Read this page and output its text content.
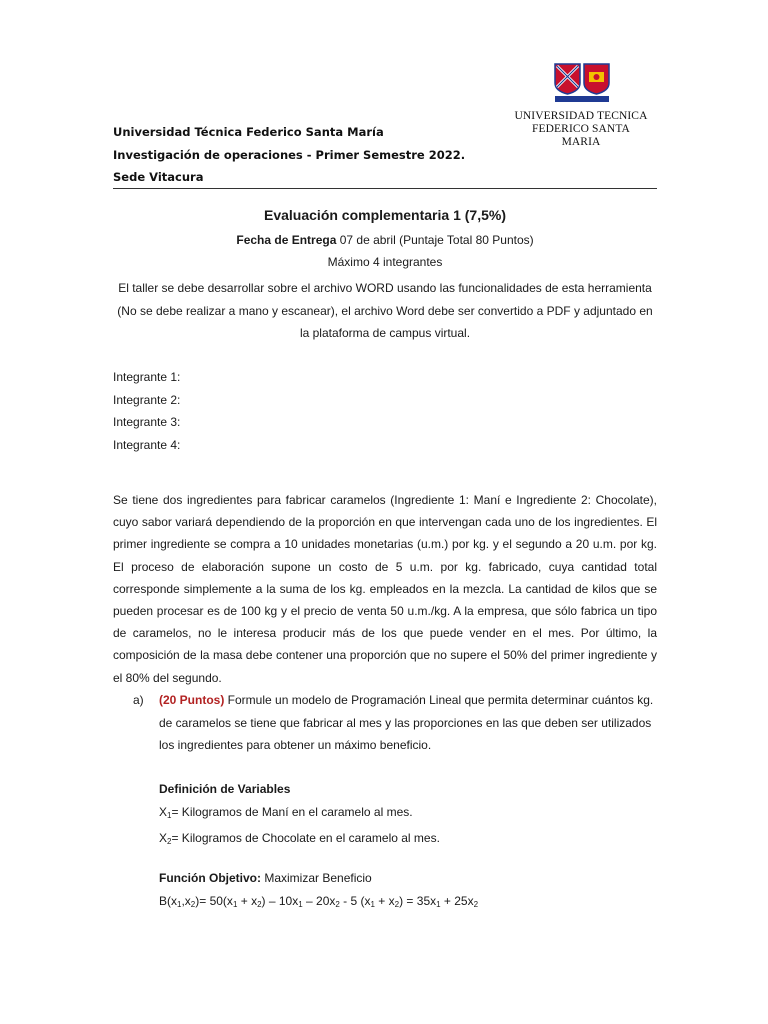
UNIVERSIDAD TECNICA
FEDERICO SANTA MARIA
Universidad Técnica Federico Santa María
Investigación de operaciones - Primer Semestre 2022.
Sede Vitacura
Evaluación complementaria 1 (7,5%)
Fecha de Entrega 07 de abril (Puntaje Total 80 Puntos)
Máximo 4 integrantes
El taller se debe desarrollar sobre el archivo WORD usando las funcionalidades de esta herramienta (No se debe realizar a mano y escanear), el archivo Word debe ser convertido a PDF y adjuntado en la plataforma de campus virtual.
Integrante 1:
Integrante 2:
Integrante 3:
Integrante 4:
Se tiene dos ingredientes para fabricar caramelos (Ingrediente 1: Maní e Ingrediente 2: Chocolate), cuyo sabor variará dependiendo de la proporción en que intervengan cada uno de los ingredientes. El primer ingrediente se compra a 10 unidades monetarias (u.m.) por kg. y el segundo a 20 u.m. por kg. El proceso de elaboración supone un costo de 5 u.m. por kg. fabricado, cuya cantidad total corresponde simplemente a la suma de los kg. empleados en la mezcla. La cantidad de kilos que se pueden procesar es de 100 kg y el precio de venta 50 u.m./kg. A la empresa, que sólo fabrica un tipo de caramelos, no le interesa producir más de los que puede vender en el mes. Por último, la composición de la masa debe contener una proporción que no supere el 50% del primer ingrediente y el 80% del segundo.
a) (20 Puntos) Formule un modelo de Programación Lineal que permita determinar cuántos kg. de caramelos se tiene que fabricar al mes y las proporciones en las que deben ser utilizados los ingredientes para obtener un máximo beneficio.
Definición de Variables
$X_1=$ Kilogramos de Maní en el caramelo al mes.
$X_2=$ Kilogramos de Chocolate en el caramelo al mes.
Función Objetivo: Maximizar Beneficio
$B(x_1,x_2)= 50(x_1 + x_2) - 10x_1 - 20x_2 - 5$ $(x_1 + x_2) = 35x_1 + 25x_2$
